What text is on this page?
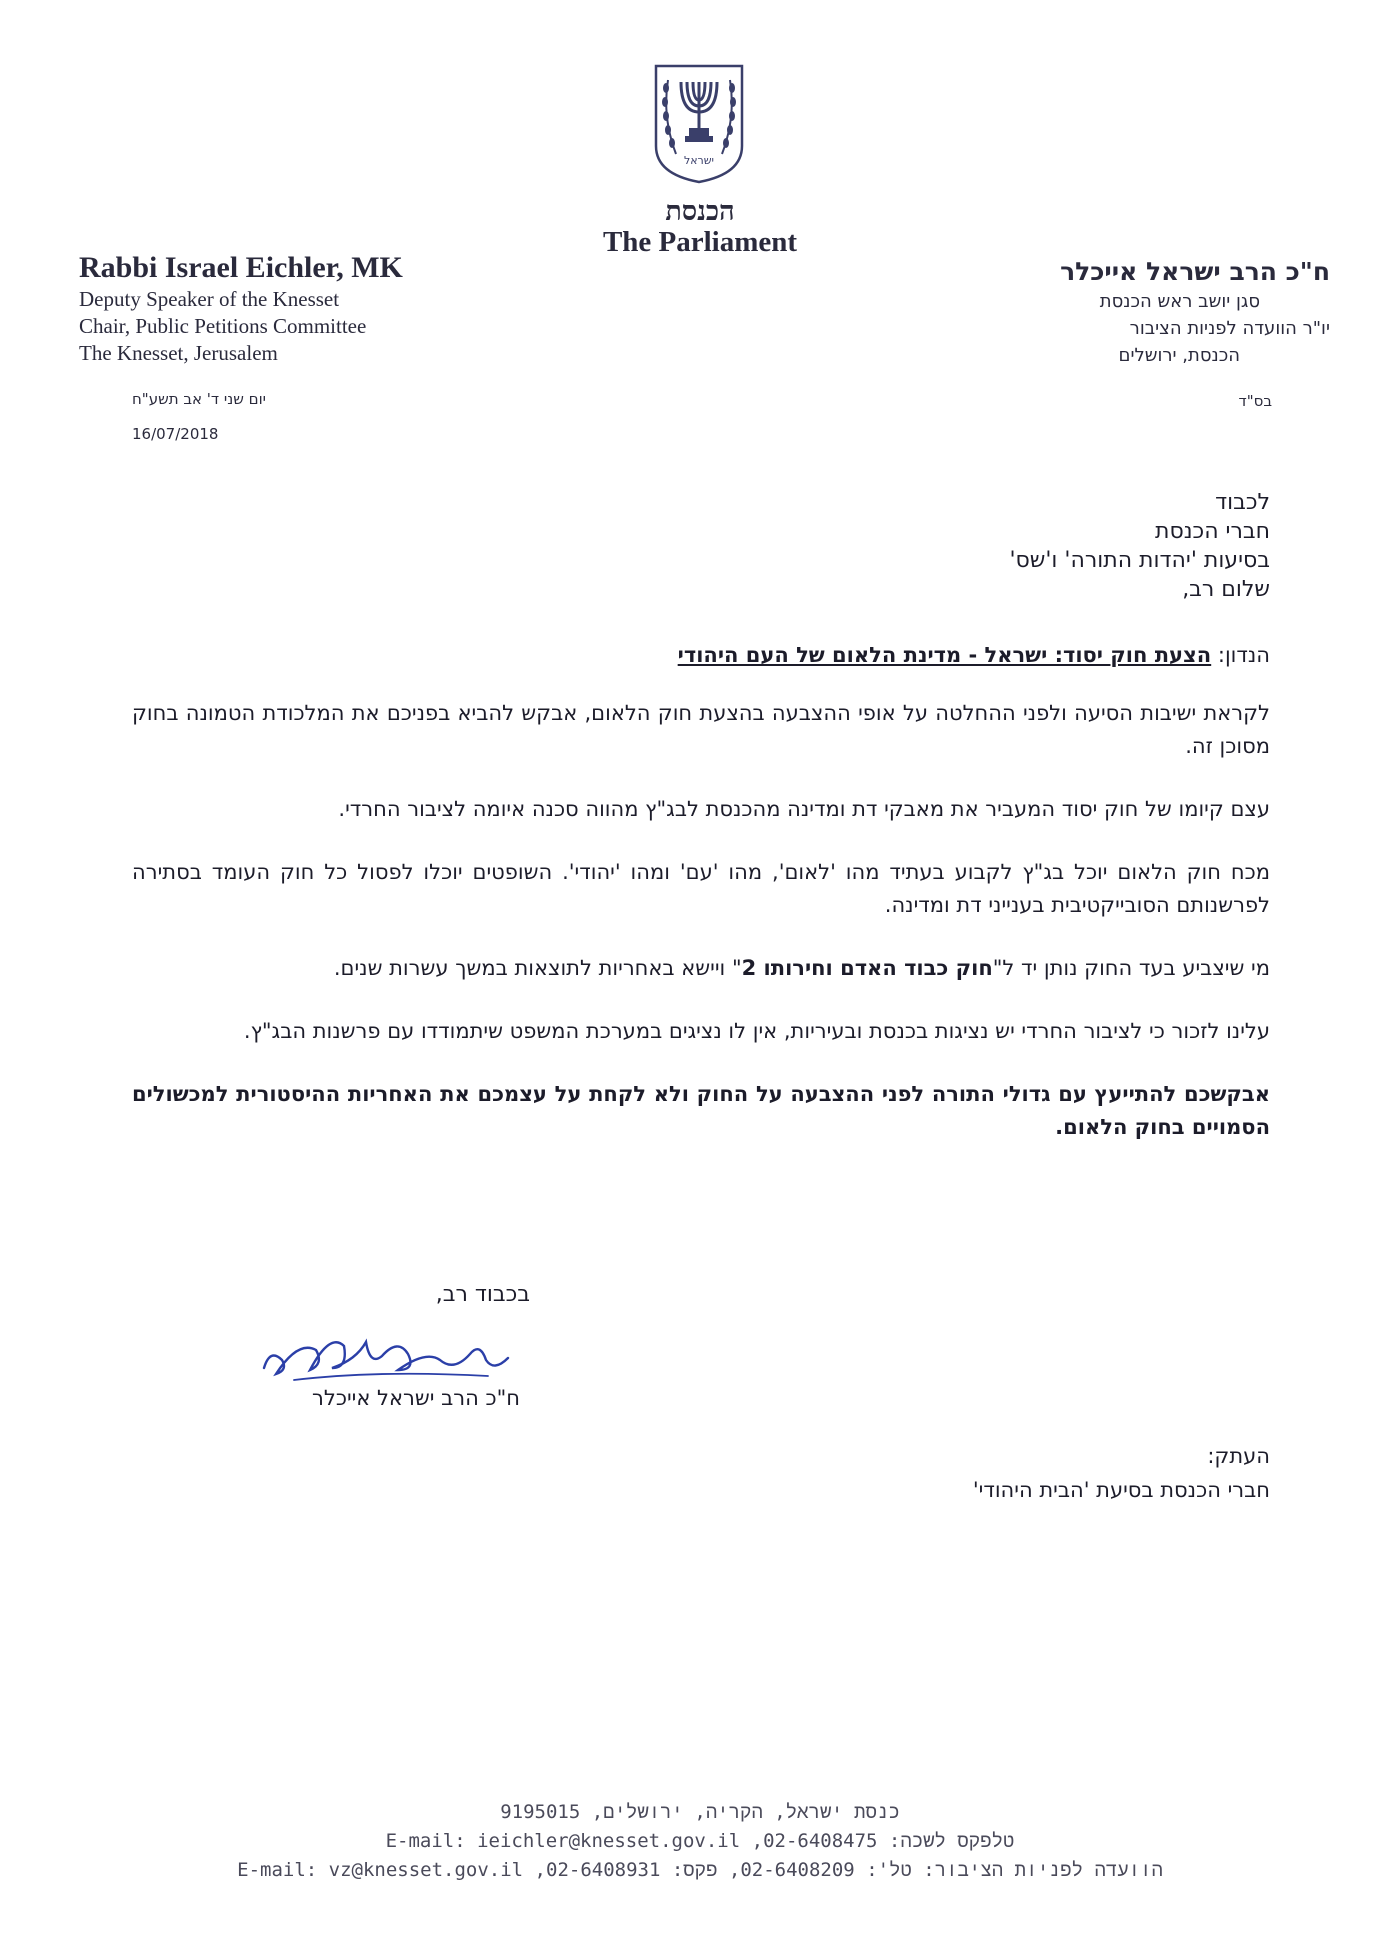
ישראל
הכנסת
The Parliament
Rabbi Israel Eichler, MK
Deputy Speaker of the Knesset
Chair, Public Petitions Committee
The Knesset, Jerusalem
ח"כ הרב ישראל אייכלר
סגן יושב ראש הכנסת
יו"ר הוועדה לפניות הציבור
הכנסת, ירושלים
בס"ד
יום שני ד' אב תשע"ח
16/07/2018
לכבוד
חברי הכנסת
בסיעות 'יהדות התורה' ו'שס'
שלום רב,
הנדון: הצעת חוק יסוד: ישראל - מדינת הלאום של העם היהודי

לקראת ישיבות הסיעה ולפני ההחלטה על אופי ההצבעה בהצעת חוק הלאום, אבקש להביא בפניכם את המלכודת הטמונה בחוק מסוכן זה.

עצם קיומו של חוק יסוד המעביר את מאבקי דת ומדינה מהכנסת לבג"ץ מהווה סכנה איומה לציבור החרדי.

מכח חוק הלאום יוכל בג"ץ לקבוע בעתיד מהו 'לאום', מהו 'עם' ומהו 'יהודי'. השופטים יוכלו לפסול כל חוק העומד בסתירה לפרשנותם הסובייקטיבית בענייני דת ומדינה.

מי שיצביע בעד החוק נותן יד ל"חוק כבוד האדם וחירותו 2" ויישא באחריות לתוצאות במשך עשרות שנים.

עלינו לזכור כי לציבור החרדי יש נציגות בכנסת ובעיריות, אין לו נציגים במערכת המשפט שיתמודדו עם פרשנות הבג"ץ.

אבקשכם להתייעץ עם גדולי התורה לפני ההצבעה על החוק ולא לקחת על עצמכם את האחריות ההיסטורית למכשולים הסמויים בחוק הלאום.

בכבוד רב,
ח"כ הרב ישראל אייכלר
העתק:
חברי הכנסת בסיעת 'הבית היהודי'
כנסת ישראל, הקריה, ירושלים, 9195015
טלפקס לשכה: 02-6408475, E-mail: ieichler@knesset.gov.il
הוועדה לפניות הציבור: טל': 02-6408209, פקס: 02-6408931, E-mail: vz@knesset.gov.il
